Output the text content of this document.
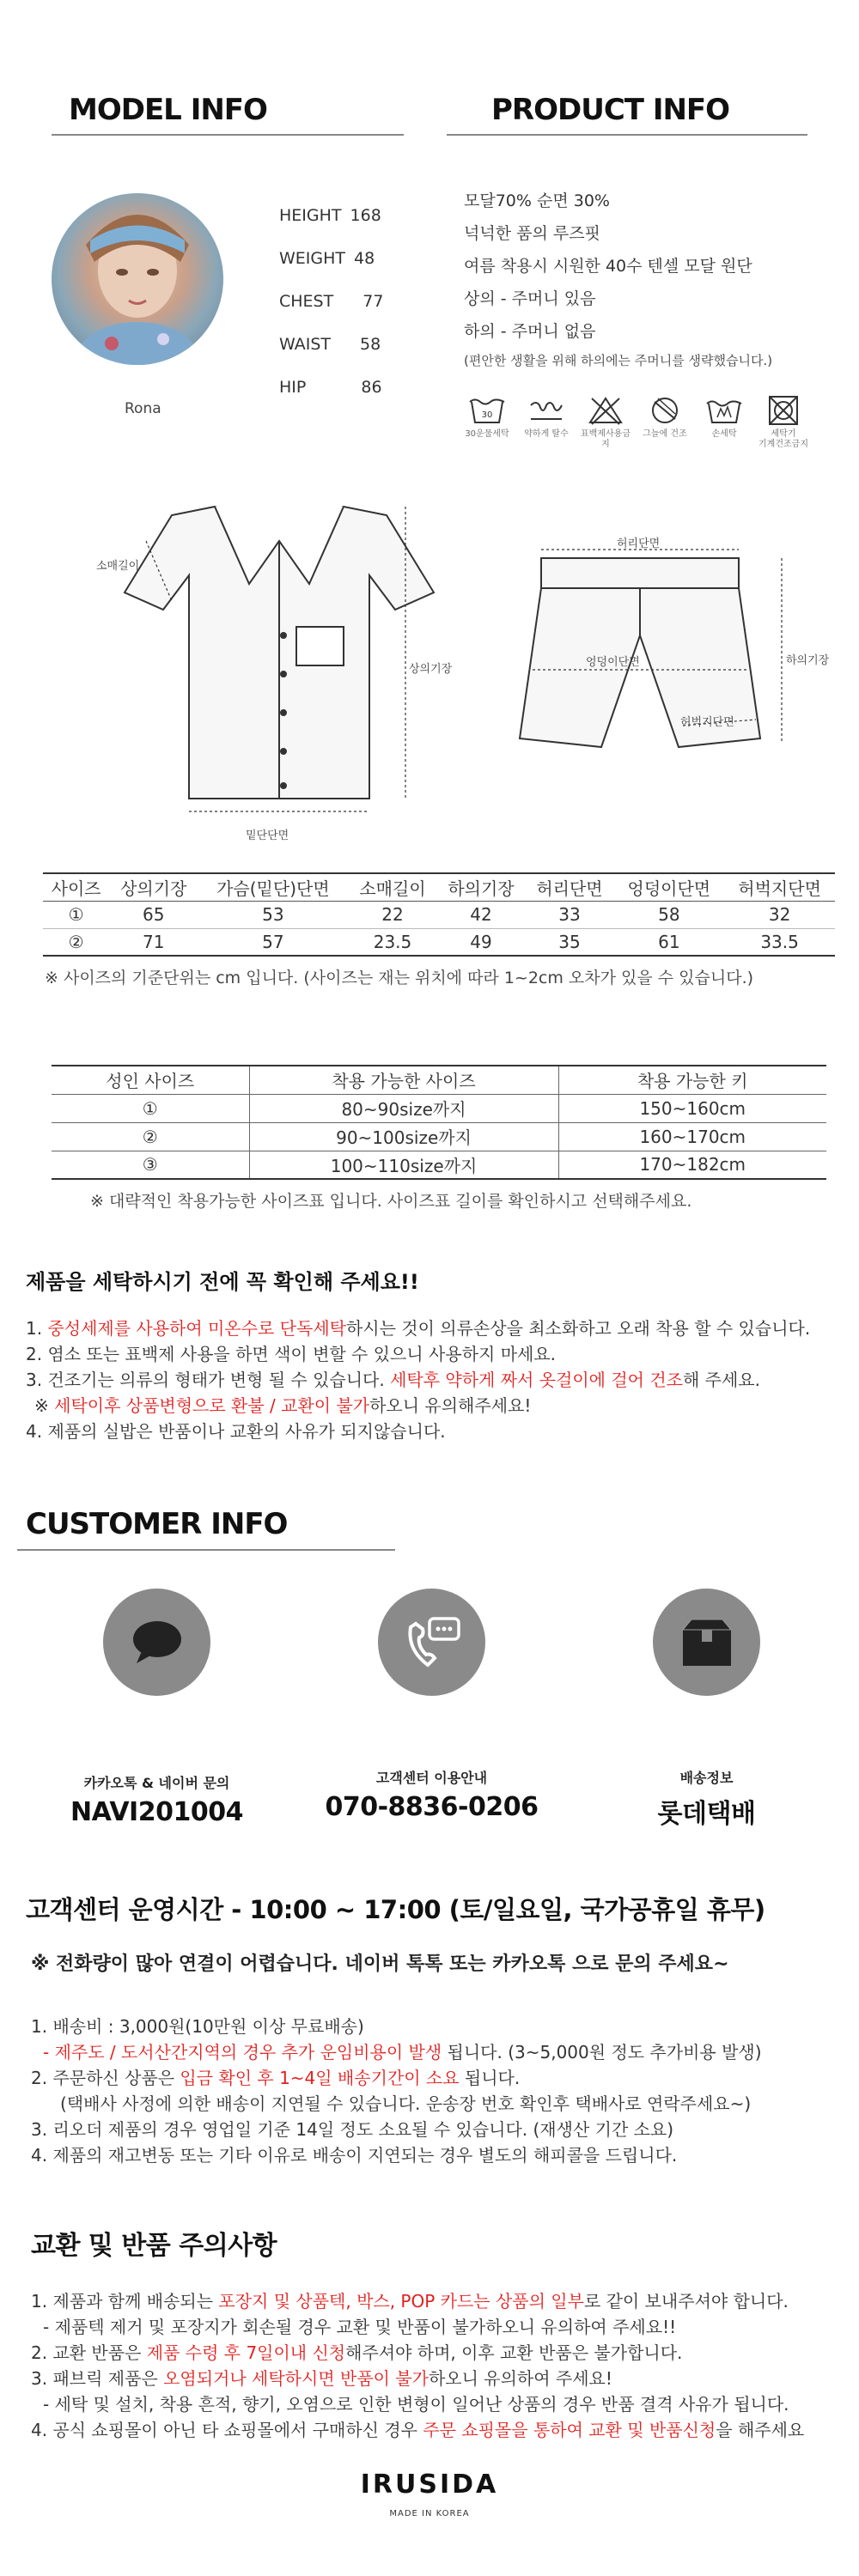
MODEL INFO
Rona
HEIGHT 168
WEIGHT 48
CHEST 77
WAIST 58
HIP	86
PRODUCT INFO
모달70% 순면 30%
넉넉한 품의 루즈핏
여름 착용시 시원한 40수 텐셀 모달 원단
상의 - 주머니 있음
하의 - 주머니 없음
(편안한 생활을 위해 하의에는 주머니를 생략했습니다.)
30
30운물세탁	약하게 탈수	표백제사용금지
그늘에 건조	손세탁	세탁기
기계건조금지
소매길이
상의기장
밑단단면
허리단면
엉덩이단면	하의기장
허벅지단면
사이즈	상의기장	가슴(밑단)단면	소매길이	하의기장	허리단면	엉덩이단면	허벅지단면
①	65	53	22	42	33	58	32
②	71	57	23.5	49	35	61	33.5
※ 사이즈의 기준단위는 cm 입니다. (사이즈는 재는 위치에 따라 1~2cm 오차가 있을 수 있습니다.)
성인 사이즈	착용 가능한 사이즈	착용 가능한 키
①	80~90size까지	150~160cm
②	90~100size까지	160~170cm
③	100~110size까지	170~182cm
※ 대략적인 착용가능한 사이즈표 입니다. 사이즈표 길이를 확인하시고 선택해주세요.
제품을 세탁하시기 전에 꼭 확인해 주세요!!
1. 중성세제를 사용하여 미온수로 단독세탁하시는 것이 의류손상을 최소화하고 오래 착용 할 수 있습니다.
2. 염소 또는 표백제 사용을 하면 색이 변할 수 있으니 사용하지 마세요.
3. 건조기는 의류의 형태가 변형 될 수 있습니다. 세탁후 약하게 짜서 옷걸이에 걸어 건조해 주세요.
※ 세탁이후 상품변형으로 환불 / 교환이 불가하오니 유의해주세요!
4. 제품의 실밥은 반품이나 교환의 사유가 되지않습니다.
CUSTOMER INFO
카카오톡 & 네이버 문의
NAVI201004
고객센터 이용안내
070-8836-0206
배송정보
롯데택배
고객센터 운영시간 - 10:00 ~ 17:00 (토/일요일, 국가공휴일 휴무)
※ 전화량이 많아 연결이 어렵습니다. 네이버 톡톡 또는 카카오톡 으로 문의 주세요~
1. 배송비 : 3,000원(10만원 이상 무료배송)
- 제주도 / 도서산간지역의 경우 추가 운임비용이 발생 됩니다. (3~5,000원 정도 추가비용 발생)
2. 주문하신 상품은 입금 확인 후 1~4일 배송기간이 소요 됩니다.
(택배사 사정에 의한 배송이 지연될 수 있습니다. 운송장 번호 확인후 택배사로 연락주세요~)
3. 리오더 제품의 경우 영업일 기준 14일 정도 소요될 수 있습니다. (재생산 기간 소요)
4. 제품의 재고변동 또는 기타 이유로 배송이 지연되는 경우 별도의 해피콜을 드립니다.
교환 및 반품 주의사항
1. 제품과 함께 배송되는 포장지 및 상품텍, 박스, POP 카드는 상품의 일부로 같이 보내주셔야 합니다.
- 제품텍 제거 및 포장지가 회손될 경우 교환 및 반품이 불가하오니 유의하여 주세요!!
2. 교환 반품은 제품 수령 후 7일이내 신청해주셔야 하며, 이후 교환 반품은 불가합니다.
3. 패브릭 제품은 오염되거나 세탁하시면 반품이 불가하오니 유의하여 주세요!
- 세탁 및 설치, 착용 흔적, 향기, 오염으로 인한 변형이 일어난 상품의 경우 반품 결격 사유가 됩니다.
4. 공식 쇼핑몰이 아닌 타 쇼핑몰에서 구매하신 경우 주문 쇼핑몰을 통하여 교환 및 반품신청을 해주세요
IRUSIDA
MADE IN KOREA
